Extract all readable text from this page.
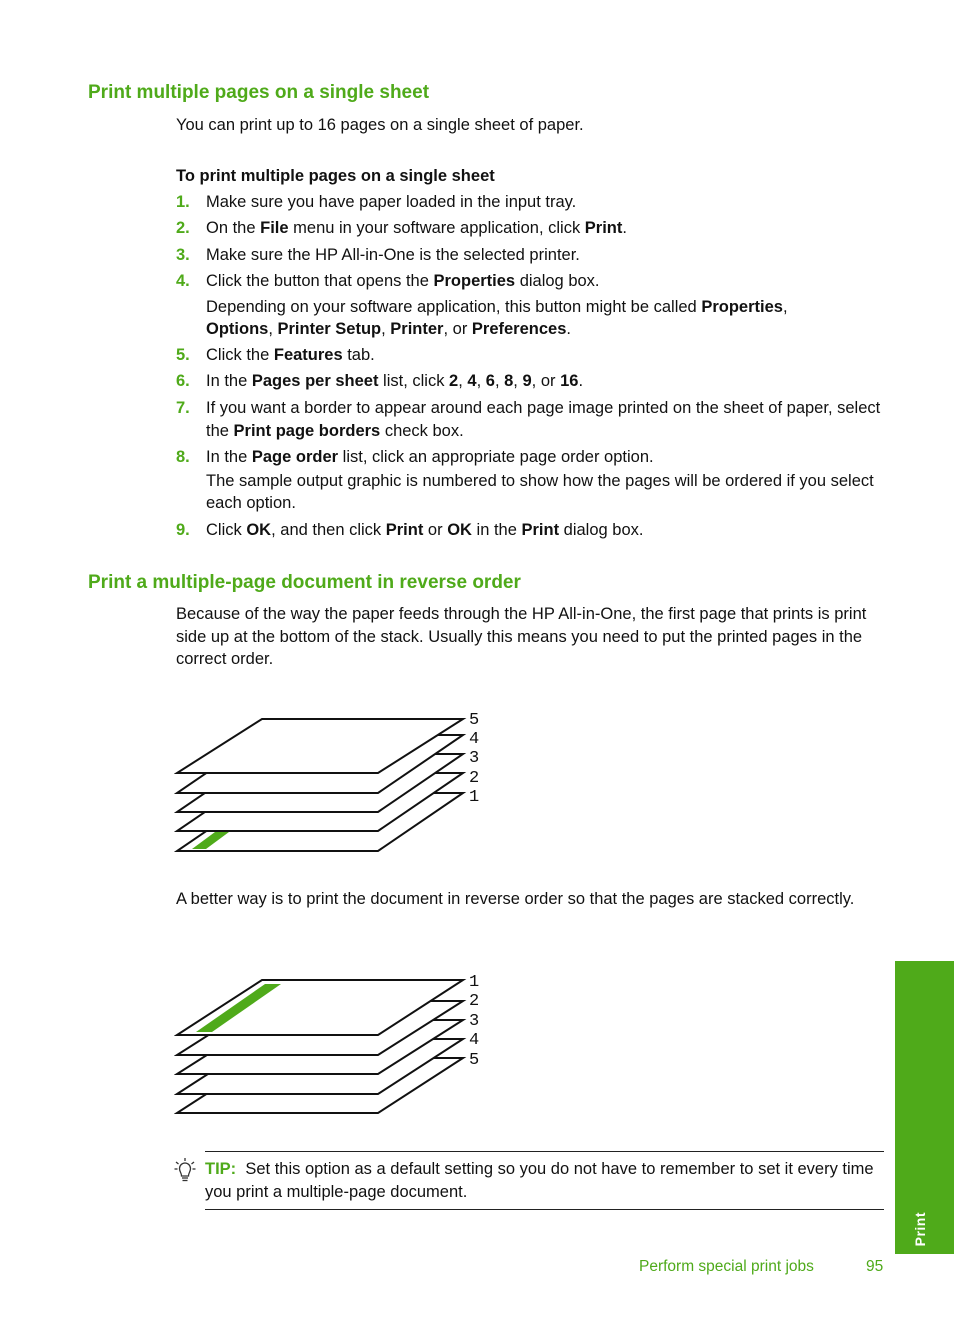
Print multiple pages on a single sheet

You can print up to 16 pages on a single sheet of paper.

To print multiple pages on a single sheet

1. Make sure you have paper loaded in the input tray.
2. On the File menu in your software application, click Print.
3. Make sure the HP All-in-One is the selected printer.
4. Click the button that opens the Properties dialog box.
Depending on your software application, this button might be called Properties,
Options, Printer Setup, Printer, or Preferences.
5. Click the Features tab.
6. In the Pages per sheet list, click 2, 4, 6, 8, 9, or 16.
7. If you want a border to appear around each page image printed on the sheet of paper, select the Print page borders check box.
8. In the Page order list, click an appropriate page order option.
The sample output graphic is numbered to show how the pages will be ordered if you select each option.
9. Click OK, and then click Print or OK in the Print dialog box.
Print a multiple-page document in reverse order

Because of the way the paper feeds through the HP All-in-One, the first page that prints is print side up at the bottom of the stack. Usually this means you need to put the printed pages in the correct order.

5
4
3
2
1

A better way is to print the document in reverse order so that the pages are stacked correctly.

1
2
3
4
5
TIP: Set this option as a default setting so you do not have to remember to set it every time you print a multiple-page document.
Print
Perform special print jobs	95
